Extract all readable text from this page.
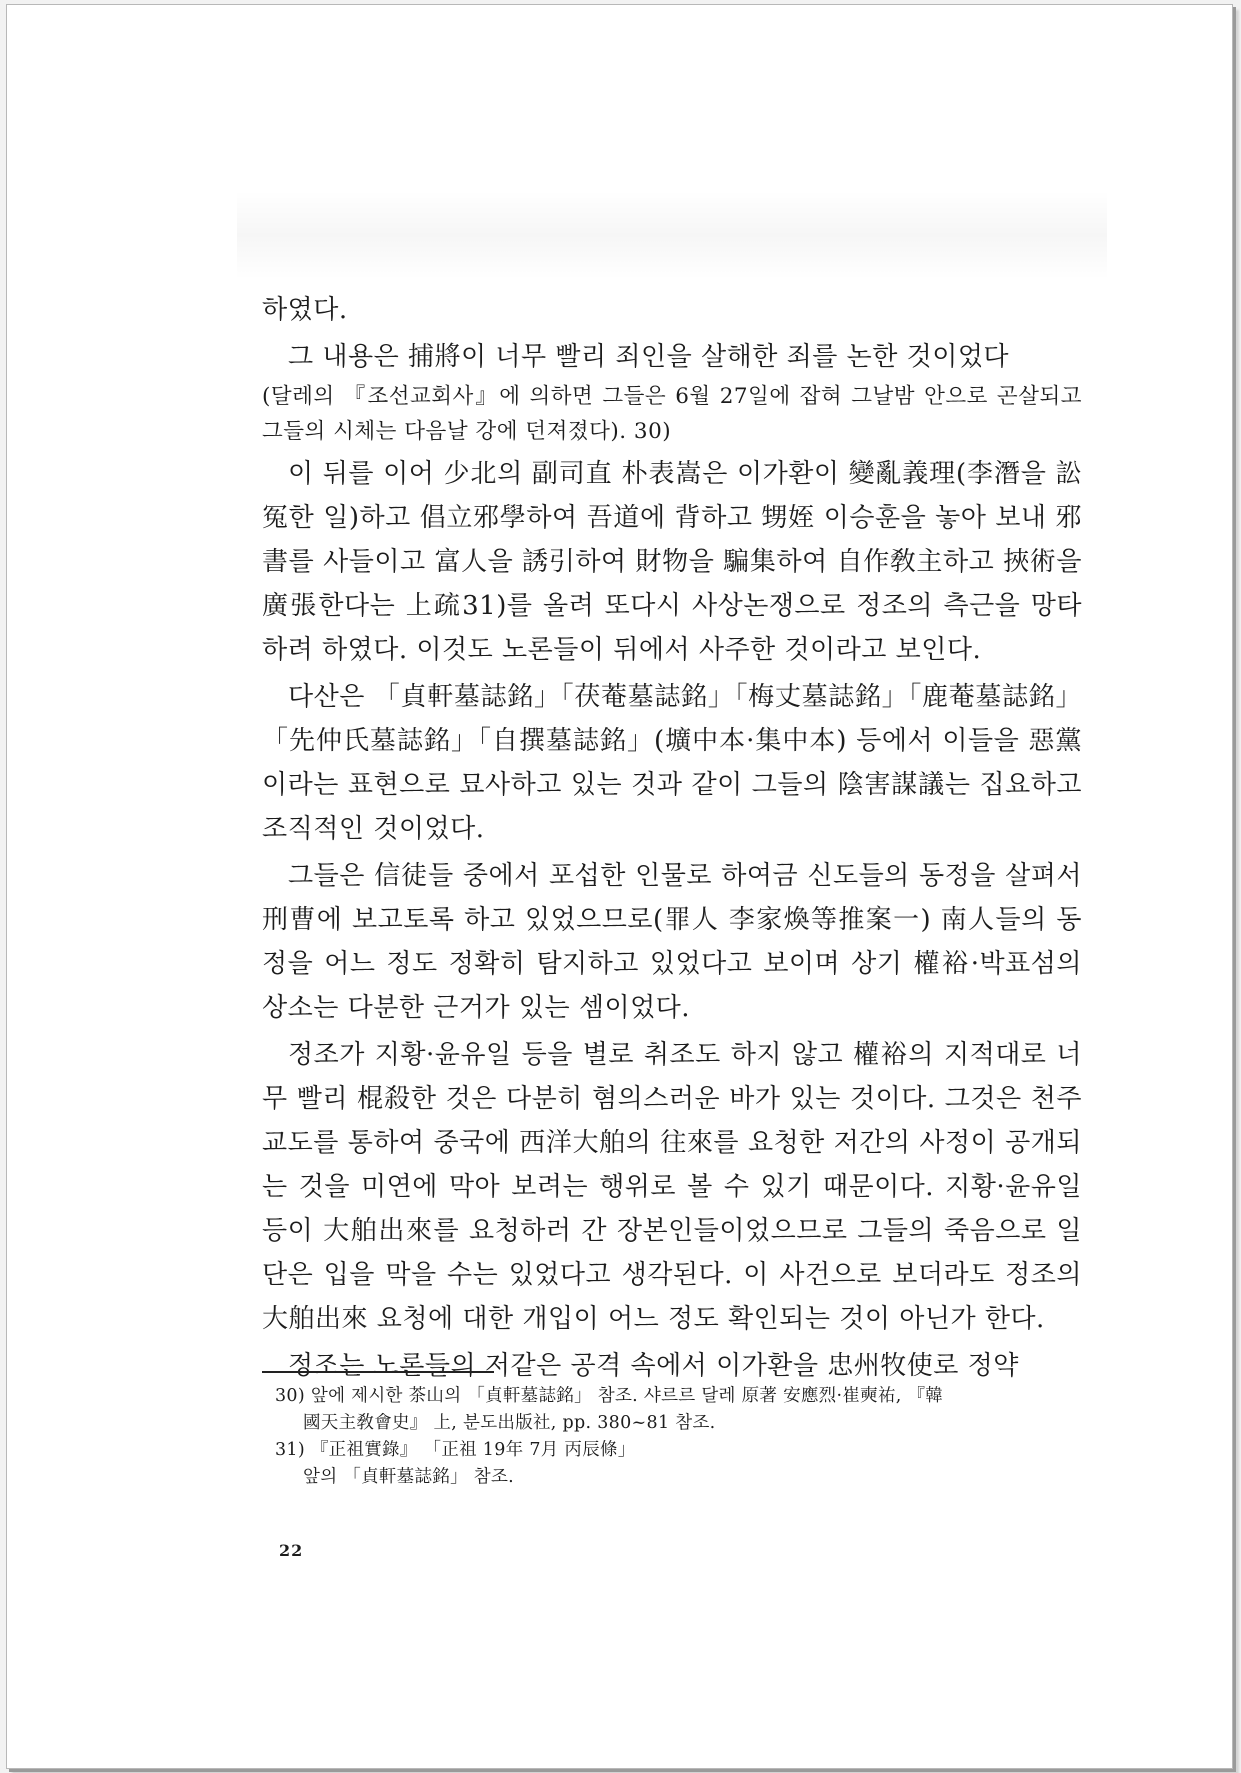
하였다.

그 내용은 捕將이 너무 빨리 죄인을 살해한 죄를 논한 것이었다

(달레의 『조선교회사』에 의하면 그들은 6월 27일에 잡혀 그날밤 안으로 곤살되고 그들의 시체는 다음날 강에 던져졌다). 30)

이 뒤를 이어 少北의 副司直 朴表嵩은 이가환이 變亂義理(李潛을 訟冤한 일)하고 倡立邪學하여 吾道에 背하고 甥姪 이승훈을 놓아 보내 邪書를 사들이고 富人을 誘引하여 財物을 騙集하여 自作敎主하고 挾術을 廣張한다는 上疏31)를 올려 또다시 사상논쟁으로 정조의 측근을 망타하려 하였다. 이것도 노론들이 뒤에서 사주한 것이라고 보인다.

다산은 「貞軒墓誌銘」「茯菴墓誌銘」「梅丈墓誌銘」「鹿菴墓誌銘」「先仲氏墓誌銘」「自撰墓誌銘」(壙中本·集中本) 등에서 이들을 惡黨이라는 표현으로 묘사하고 있는 것과 같이 그들의 陰害謀議는 집요하고 조직적인 것이었다.

그들은 信徒들 중에서 포섭한 인물로 하여금 신도들의 동정을 살펴서 刑曹에 보고토록 하고 있었으므로(罪人 李家煥等推案一) 南人들의 동정을 어느 정도 정확히 탐지하고 있었다고 보이며 상기 權裕·박표섬의 상소는 다분한 근거가 있는 셈이었다.

정조가 지황·윤유일 등을 별로 취조도 하지 않고 權裕의 지적대로 너무 빨리 棍殺한 것은 다분히 혐의스러운 바가 있는 것이다. 그것은 천주교도를 통하여 중국에 西洋大舶의 往來를 요청한 저간의 사정이 공개되는 것을 미연에 막아 보려는 행위로 볼 수 있기 때문이다. 지황·윤유일 등이 大舶出來를 요청하러 간 장본인들이었으므로 그들의 죽음으로 일단은 입을 막을 수는 있었다고 생각된다. 이 사건으로 보더라도 정조의 大舶出來 요청에 대한 개입이 어느 정도 확인되는 것이 아닌가 한다.

정조는 노론들의 저같은 공격 속에서 이가환을 忠州牧使로 정약

30) 앞에 제시한 茶山의 「貞軒墓誌銘」 참조. 샤르르 달레 原著 安應烈·崔奭祐, 『韓

國天主敎會史』 上, 분도出版社, pp. 380~81 참조.

31) 『正祖實錄』 「正祖 19年 7月 丙辰條」

앞의 「貞軒墓誌銘」 참조.

22
